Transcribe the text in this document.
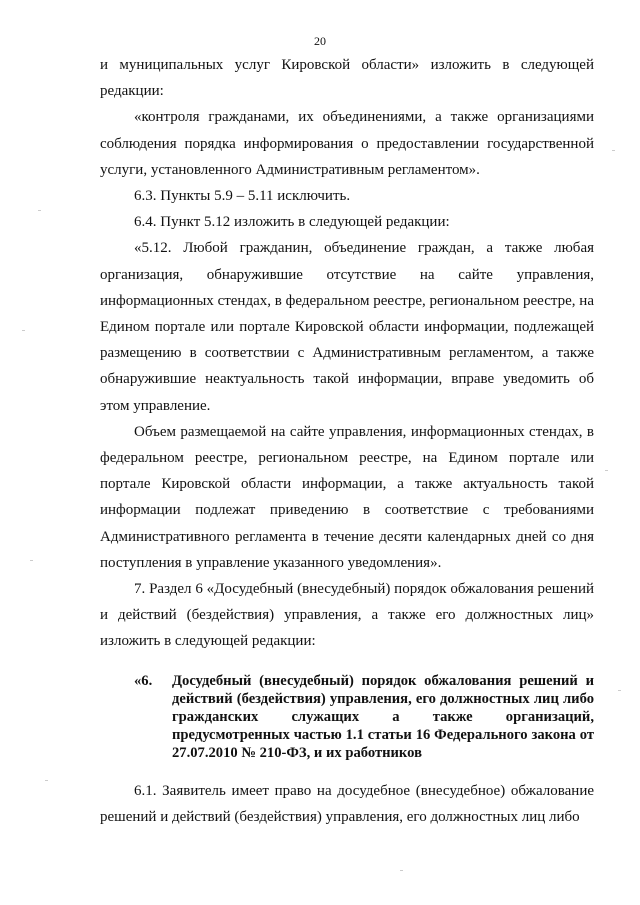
20

и муниципальных услуг Кировской области» изложить в следующей редакции:

«контроля гражданами, их объединениями, а также организациями соблюдения порядка информирования о предоставлении государственной услуги, установленного Административным регламентом».

6.3. Пункты 5.9 – 5.11 исключить.

6.4. Пункт 5.12 изложить в следующей редакции:

«5.12. Любой гражданин, объединение граждан, а также любая организация, обнаружившие отсутствие на сайте управления, информационных стендах, в федеральном реестре, региональном реестре, на Едином портале или портале Кировской области информации, подлежащей размещению в соответствии с Административным регламентом, а также обнаружившие неактуальность такой информации, вправе уведомить об этом управление.

Объем размещаемой на сайте управления, информационных стендах, в федеральном реестре, региональном реестре, на Едином портале или портале Кировской области информации, а также актуальность такой информации подлежат приведению в соответствие с требованиями Административного регламента в течение десяти календарных дней со дня поступления в управление указанного уведомления».

7. Раздел 6 «Досудебный (внесудебный) порядок обжалования решений и действий (бездействия) управления, а также его должностных лиц» изложить в следующей редакции:

«6. Досудебный (внесудебный) порядок обжалования решений и действий (бездействия) управления, его должностных лиц либо гражданских служащих а также организаций, предусмотренных частью 1.1 статьи 16 Федерального закона от 27.07.2010 № 210-ФЗ, и их работников

6.1. Заявитель имеет право на досудебное (внесудебное) обжалование решений и действий (бездействия) управления, его должностных лиц либо
